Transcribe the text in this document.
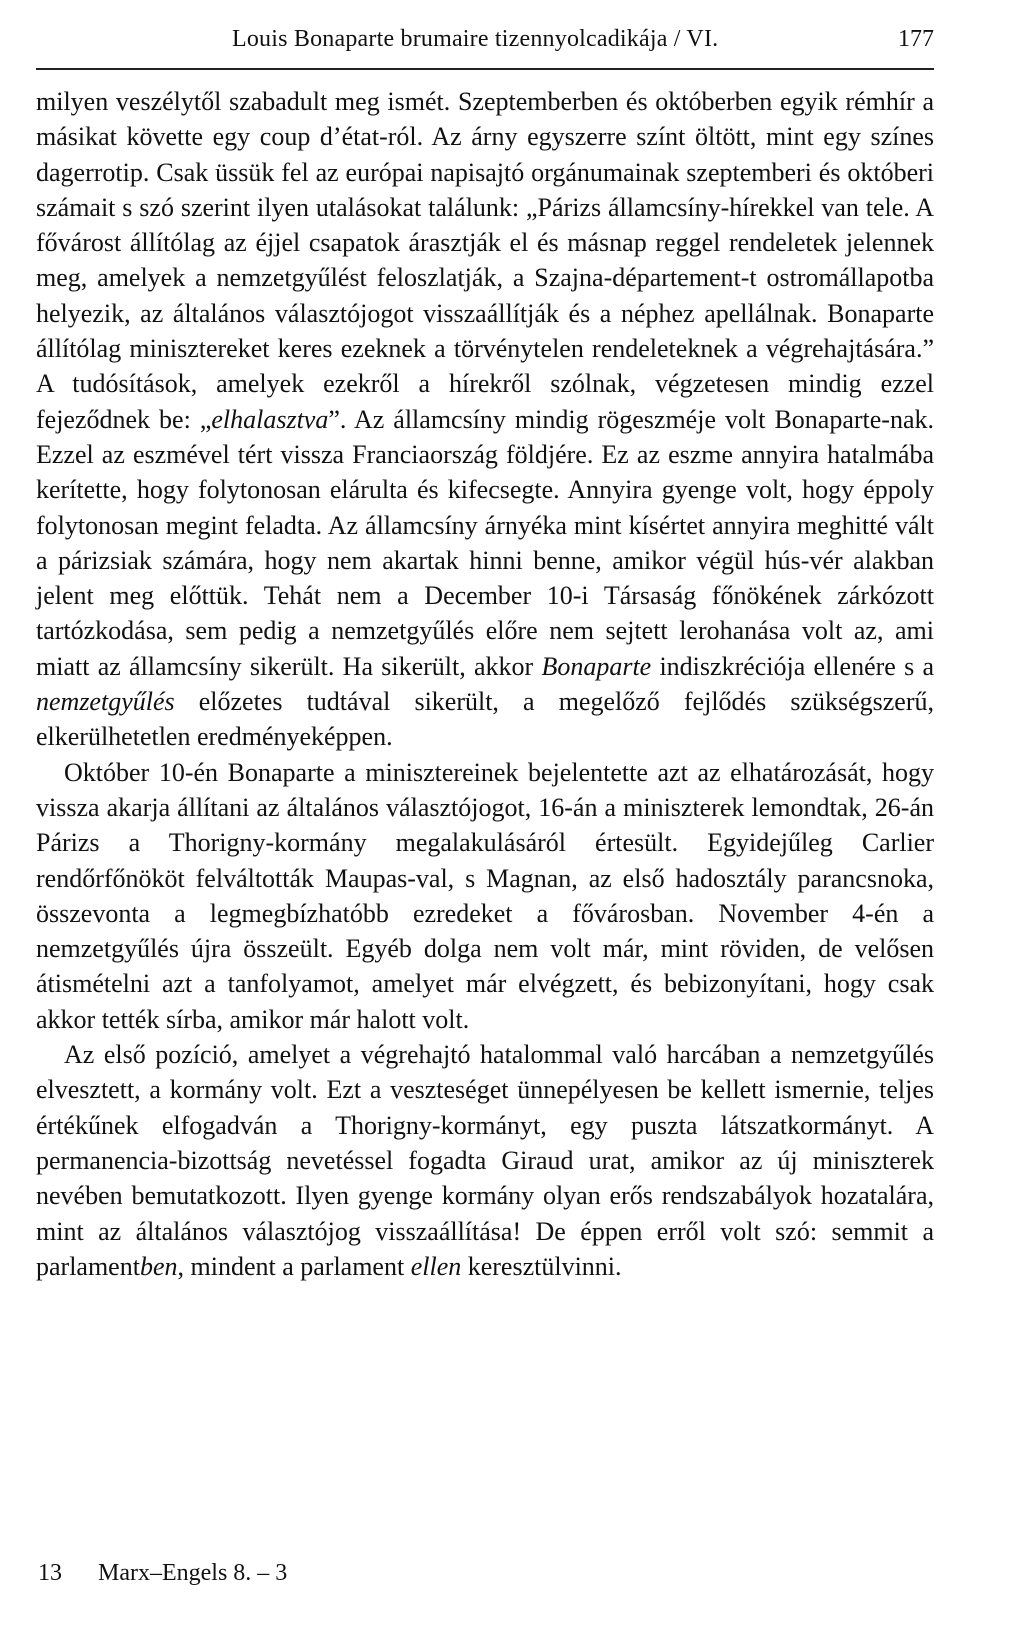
Louis Bonaparte brumaire tizennyolcadikája / VI.	177

milyen veszélytől szabadult meg ismét. Szeptemberben és októberben egyik rémhír a másikat követte egy coup d’état-ról. Az árny egyszerre színt öltött, mint egy színes dagerrotip. Csak üssük fel az európai napisajtó orgánumainak szeptemberi és októberi számait s szó szerint ilyen utalásokat találunk: „Párizs államcsíny-hírekkel van tele. A fővárost állítólag az éjjel csapatok árasztják el és másnap reggel rendeletek jelennek meg, amelyek a nemzetgyűlést feloszlatják, a Szajna-département-t ostromállapotba helyezik, az általános választójogot visszaállítják és a néphez apellálnak. Bonaparte állítólag minisztereket keres ezeknek a törvénytelen rendeleteknek a végrehajtására.” A tudósítások, amelyek ezekről a hírekről szólnak, végzetesen mindig ezzel fejeződnek be: „elhalasztva”. Az államcsíny mindig rögeszméje volt Bonaparte-nak. Ezzel az eszmével tért vissza Franciaország földjére. Ez az eszme annyira hatalmába kerítette, hogy folytonosan elárulta és kifecsegte. Annyira gyenge volt, hogy éppoly folytonosan megint feladta. Az államcsíny árnyéka mint kísértet annyira meghitté vált a párizsiak számára, hogy nem akartak hinni benne, amikor végül hús-vér alakban jelent meg előttük. Tehát nem a December 10-i Társaság főnökének zárkózott tartózkodása, sem pedig a nemzetgyűlés előre nem sejtett lerohanása volt az, ami miatt az államcsíny sikerült. Ha sikerült, akkor Bonaparte indiszkréciója ellenére s a nemzetgyűlés előzetes tudtával sikerült, a megelőző fejlődés szükségszerű, elkerülhetetlen eredményeképpen.

Október 10-én Bonaparte a minisztereinek bejelentette azt az elhatározását, hogy vissza akarja állítani az általános választójogot, 16-án a miniszterek lemondtak, 26-án Párizs a Thorigny-kormány megalakulásáról értesült. Egyidejűleg Carlier rendőrfőnököt felváltották Maupas-val, s Magnan, az első hadosztály parancsnoka, összevonta a legmegbízhatóbb ezredeket a fővárosban. November 4-én a nemzetgyűlés újra összeült. Egyéb dolga nem volt már, mint röviden, de velősen átismételni azt a tanfolyamot, amelyet már elvégzett, és bebizonyítani, hogy csak akkor tették sírba, amikor már halott volt.

Az első pozíció, amelyet a végrehajtó hatalommal való harcában a nemzetgyűlés elvesztett, a kormány volt. Ezt a veszteséget ünnepélyesen be kellett ismernie, teljes értékűnek elfogadván a Thorigny-kormányt, egy puszta látszatkormányt. A permanencia-bizottság nevetéssel fogadta Giraud urat, amikor az új miniszterek nevében bemutatkozott. Ilyen gyenge kormány olyan erős rendszabályok hozatalára, mint az általános választójog visszaállítása! De éppen erről volt szó: semmit a parlamentben, mindent a parlament ellen keresztülvinni.

13 Marx–Engels 8. – 3
